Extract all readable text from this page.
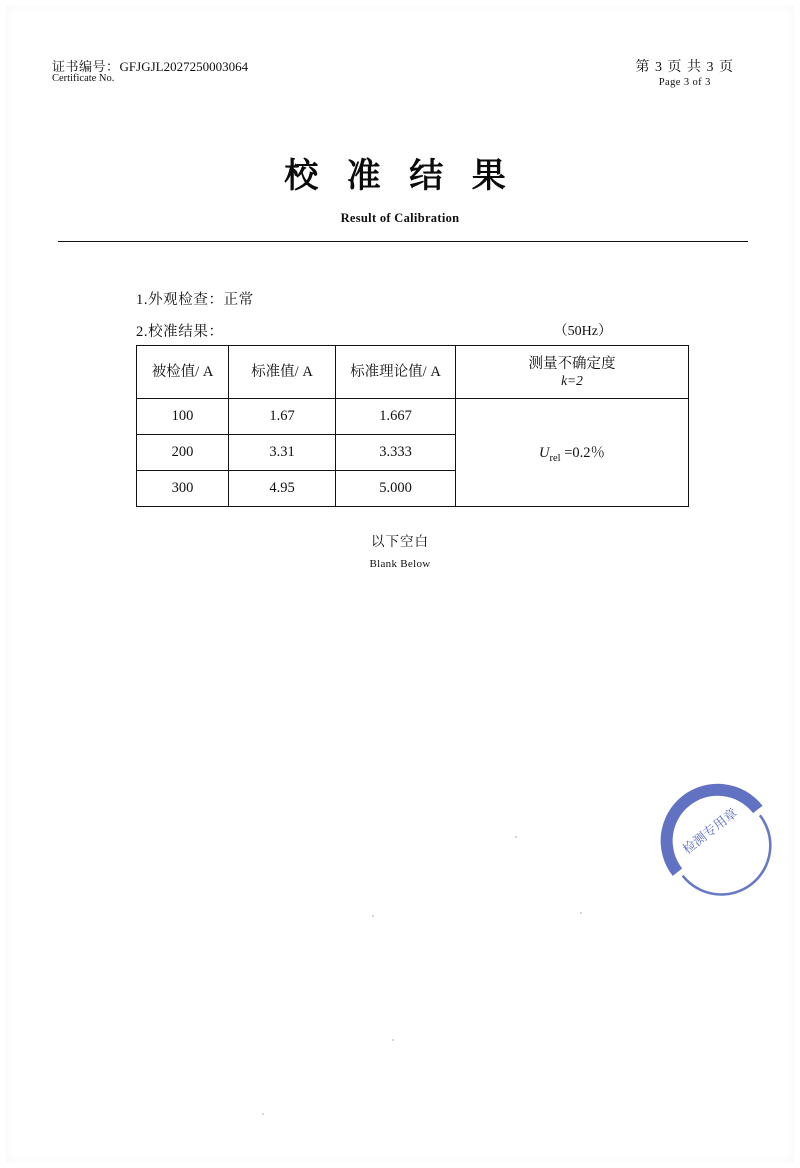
证书编号：GFJGJL2027250003064
Certificate No.
第 3 页 共 3 页
Page 3 of 3
校 准 结 果
Result of Calibration
1.外观检查：正常
2.校准结果：	（50Hz）
被检值/ A	标准值/ A	标准理论值/ A	测量不确定度
k=2

100	1.67	1.667	$U_{rel} =0.2$％
200	3.31	3.333	
300	4.95	5.000	
以下空白
Blank Below
检测专用章
